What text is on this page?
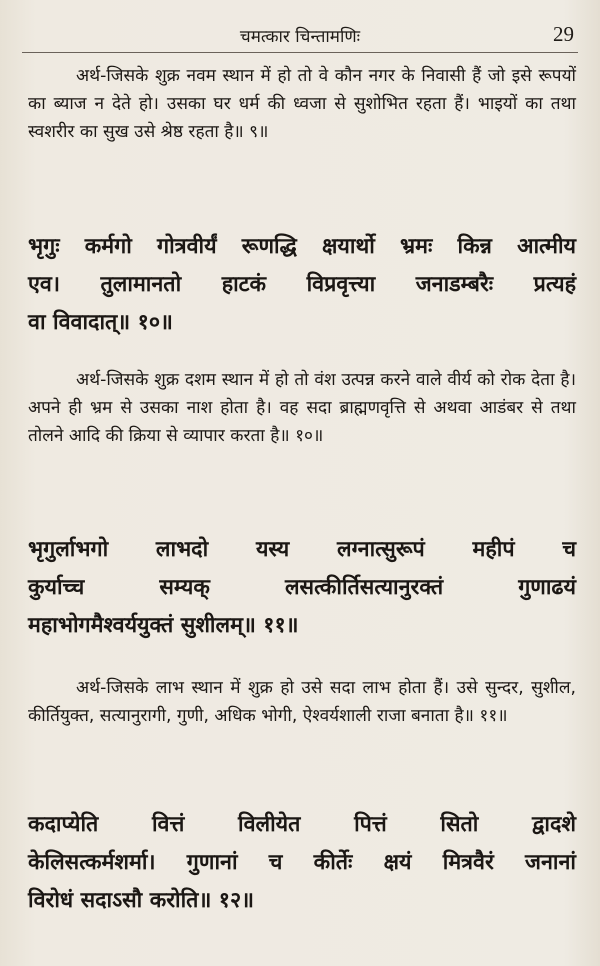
चमत्कार चिन्तामणिः	29

अर्थ-जिसके शुक्र नवम स्थान में हो तो वे कौन नगर के निवासी हैं जो इसे रूपयों का ब्याज न देते हो। उसका घर धर्म की ध्वजा से सुशोभित रहता हैं। भाइयों का तथा स्वशरीर का सुख उसे श्रेष्ठ रहता है॥ ९॥

भृगुः कर्मगो गोत्रवीर्यं रूणद्धि क्षयार्थो भ्रमः किन्न आत्मीय
एव। तुलामानतो हाटकं विप्रवृत्त्या जनाडम्बरैः प्रत्यहं
वा विवादात्॥ १०॥

अर्थ-जिसके शुक्र दशम स्थान में हो तो वंश उत्पन्न करने वाले वीर्य को रोक देता है। अपने ही भ्रम से उसका नाश होता है। वह सदा ब्राह्मणवृत्ति से अथवा आडंबर से तथा तोलने आदि की क्रिया से व्यापार करता है॥ १०॥

भृगुर्लाभगो लाभदो यस्य लग्नात्सुरूपं महीपं च
कुर्याच्च सम्यक् लसत्कीर्तिसत्यानुरक्तं गुणाढयं
महाभोगमैश्वर्ययुक्तं सुशीलम्॥ ११॥

अर्थ-जिसके लाभ स्थान में शुक्र हो उसे सदा लाभ होता हैं। उसे सुन्दर, सुशील, कीर्तियुक्त, सत्यानुरागी, गुणी, अधिक भोगी, ऐश्वर्यशाली राजा बनाता है॥ ११॥

कदाप्येति वित्तं विलीयेत पित्तं सितो द्वादशे
केलिसत्कर्मशर्मा। गुणानां च कीर्तेः क्षयं मित्रवैरं जनानां
विरोधं सदाऽसौ करोति॥ १२॥
